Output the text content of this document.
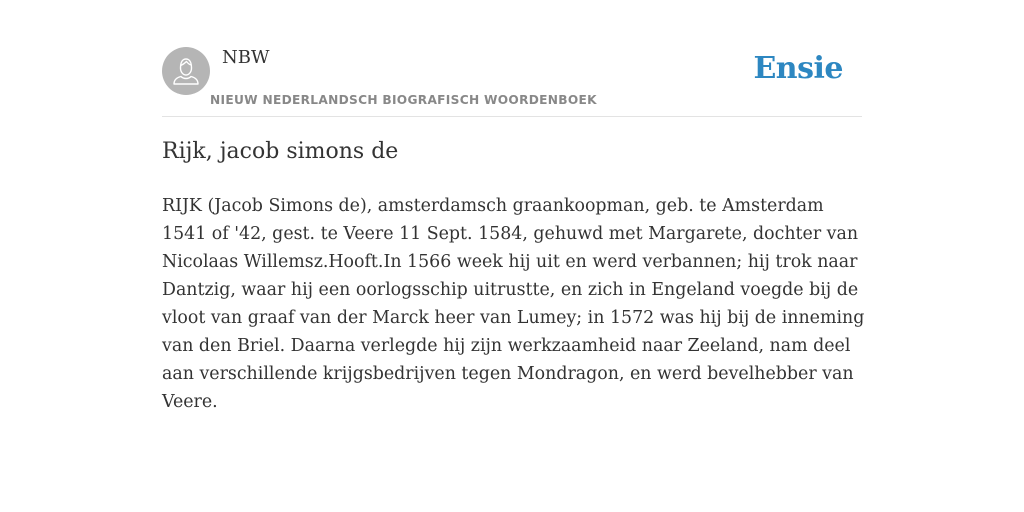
NBW
NIEUW NEDERLANDSCH BIOGRAFISCH WOORDENBOEK
Ensie
Rijk, jacob simons de

RIJK (Jacob Simons de), amsterdamsch graankoopman, geb. te Amsterdam 1541 of '42, gest. te Veere 11 Sept. 1584, gehuwd met Margarete, dochter van Nicolaas Willemsz.Hooft.In 1566 week hij uit en werd verbannen; hij trok naar Dantzig, waar hij een oorlogsschip uitrustte, en zich in Engeland voegde bij de vloot van graaf van der Marck heer van Lumey; in 1572 was hij bij de inneming van den Briel. Daarna verlegde hij zijn werkzaamheid naar Zeeland, nam deel aan verschillende krijgsbedrijven tegen Mondragon, en werd bevelhebber van Veere.
